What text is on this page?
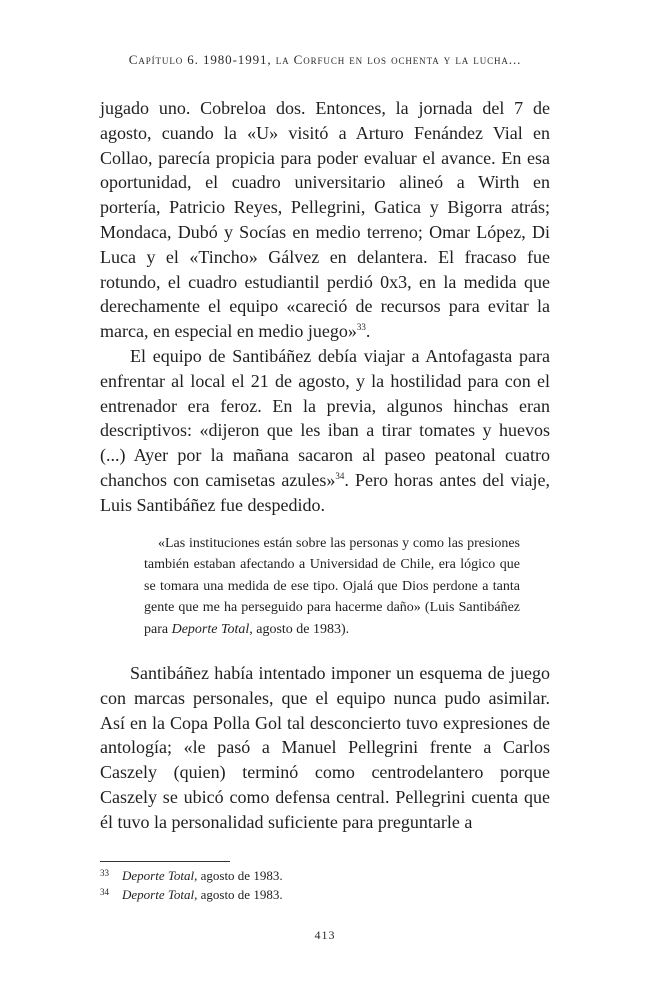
Capítulo 6. 1980-1991, la Corfuch en los ochenta y la lucha...

jugado uno. Cobreloa dos. Entonces, la jornada del 7 de agosto, cuando la «U» visitó a Arturo Fenández Vial en Collao, parecía propicia para poder evaluar el avance. En esa oportunidad, el cuadro universitario alineó a Wirth en portería, Patricio Reyes, Pellegrini, Gatica y Bigorra atrás; Mondaca, Dubó y Socías en medio terreno; Omar López, Di Luca y el «Tincho» Gálvez en delantera. El fracaso fue rotundo, el cuadro estudiantil perdió 0x3, en la medida que derechamente el equipo «careció de recursos para evitar la marca, en especial en medio juego»$^{33}$.

El equipo de Santibáñez debía viajar a Antofagasta para enfrentar al local el 21 de agosto, y la hostilidad para con el entrenador era feroz. En la previa, algunos hinchas eran descriptivos: «dijeron que les iban a tirar tomates y huevos (...) Ayer por la mañana sacaron al paseo peatonal cuatro chanchos con camisetas azules»$^{34}$. Pero horas antes del viaje, Luis Santibáñez fue despedido.

«Las instituciones están sobre las personas y como las presiones también estaban afectando a Universidad de Chile, era lógico que se tomara una medida de ese tipo. Ojalá que Dios perdone a tanta gente que me ha perseguido para hacerme daño» (Luis Santibáñez para Deporte Total, agosto de 1983).

Santibáñez había intentado imponer un esquema de juego con marcas personales, que el equipo nunca pudo asimilar. Así en la Copa Polla Gol tal desconcierto tuvo expresiones de antología; «le pasó a Manuel Pellegrini frente a Carlos Caszely (quien) terminó como centrodelantero porque Caszely se ubicó como defensa central. Pellegrini cuenta que él tuvo la personalidad suficiente para preguntarle a

33	Deporte Total, agosto de 1983.
34	Deporte Total, agosto de 1983.
413
